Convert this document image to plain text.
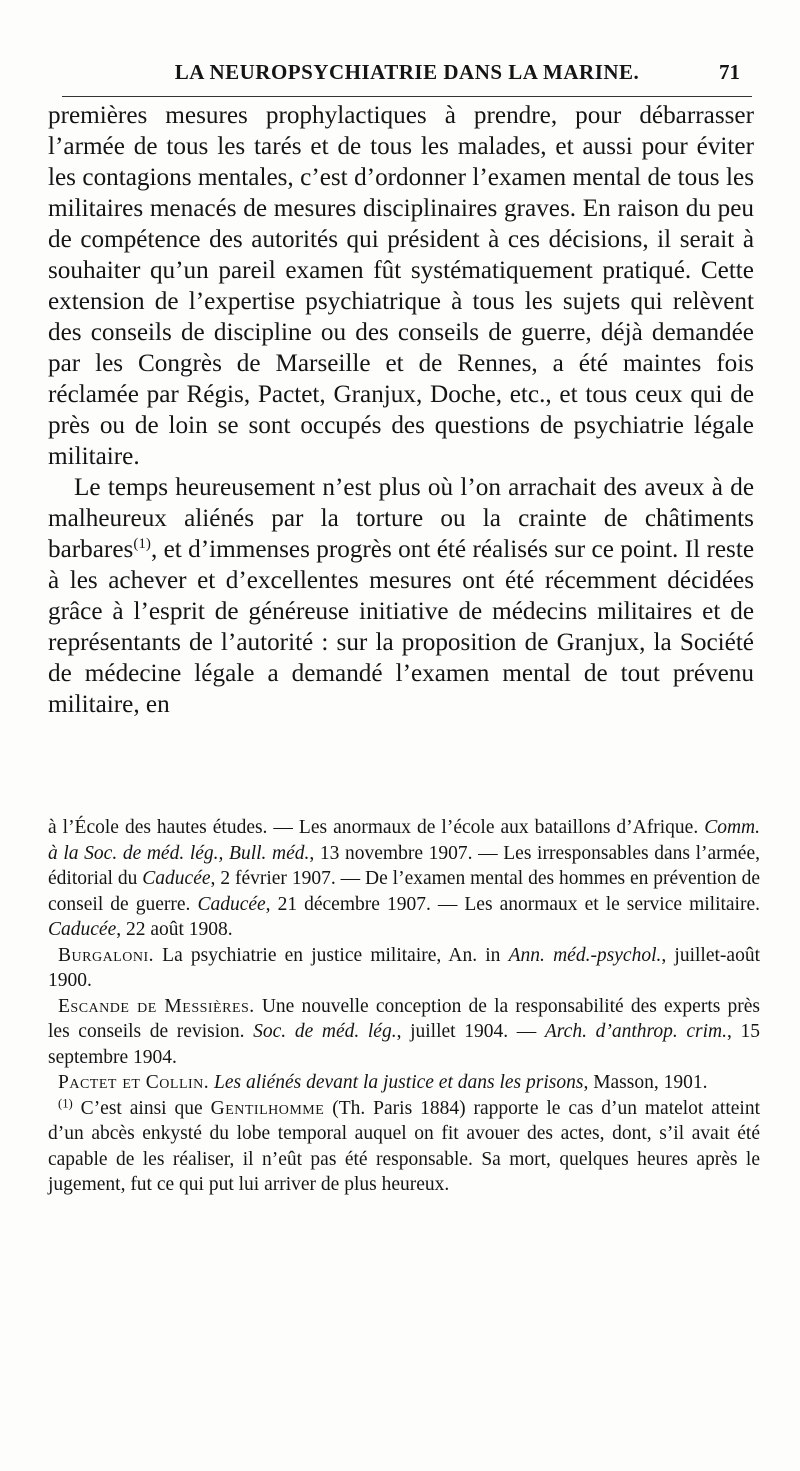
LA NEUROPSYCHIATRIE DANS LA MARINE.	71

premières mesures prophylactiques à prendre, pour débarrasser l’armée de tous les tarés et de tous les malades, et aussi pour éviter les contagions mentales, c’est d’ordonner l’examen mental de tous les militaires menacés de mesures disciplinaires graves. En raison du peu de compétence des autorités qui président à ces décisions, il serait à souhaiter qu’un pareil examen fût systématiquement pratiqué. Cette extension de l’expertise psychiatrique à tous les sujets qui relèvent des conseils de discipline ou des conseils de guerre, déjà demandée par les Congrès de Marseille et de Rennes, a été maintes fois réclamée par Régis, Pactet, Granjux, Doche, etc., et tous ceux qui de près ou de loin se sont occupés des questions de psychiatrie légale militaire.

Le temps heureusement n’est plus où l’on arrachait des aveux à de malheureux aliénés par la torture ou la crainte de châtiments barbares$^{(1)}$, et d’immenses progrès ont été réalisés sur ce point. Il reste à les achever et d’excellentes mesures ont été récemment décidées grâce à l’esprit de généreuse initiative de médecins militaires et de représentants de l’autorité : sur la proposition de Granjux, la Société de médecine légale a demandé l’examen mental de tout prévenu militaire, en

à l’École des hautes études. — Les anormaux de l’école aux bataillons d’Afrique. Comm. à la Soc. de méd. lég., Bull. méd., 13 novembre 1907. — Les irresponsables dans l’armée, éditorial du Caducée, 2 février 1907. — De l’examen mental des hommes en prévention de conseil de guerre. Caducée, 21 décembre 1907. — Les anormaux et le service militaire. Caducée, 22 août 1908.

Burgaloni. La psychiatrie en justice militaire, An. in Ann. méd.-psychol., juillet-août 1900.

Escande de Messières. Une nouvelle conception de la responsabilité des experts près les conseils de revision. Soc. de méd. lég., juillet 1904. — Arch. d’anthrop. crim., 15 septembre 1904.

Pactet et Collin. Les aliénés devant la justice et dans les prisons, Masson, 1901.

$^{(1)}$ C’est ainsi que Gentilhomme (Th. Paris 1884) rapporte le cas d’un matelot atteint d’un abcès enkysté du lobe temporal auquel on fit avouer des actes, dont, s’il avait été capable de les réaliser, il n’eût pas été responsable. Sa mort, quelques heures après le jugement, fut ce qui put lui arriver de plus heureux.
